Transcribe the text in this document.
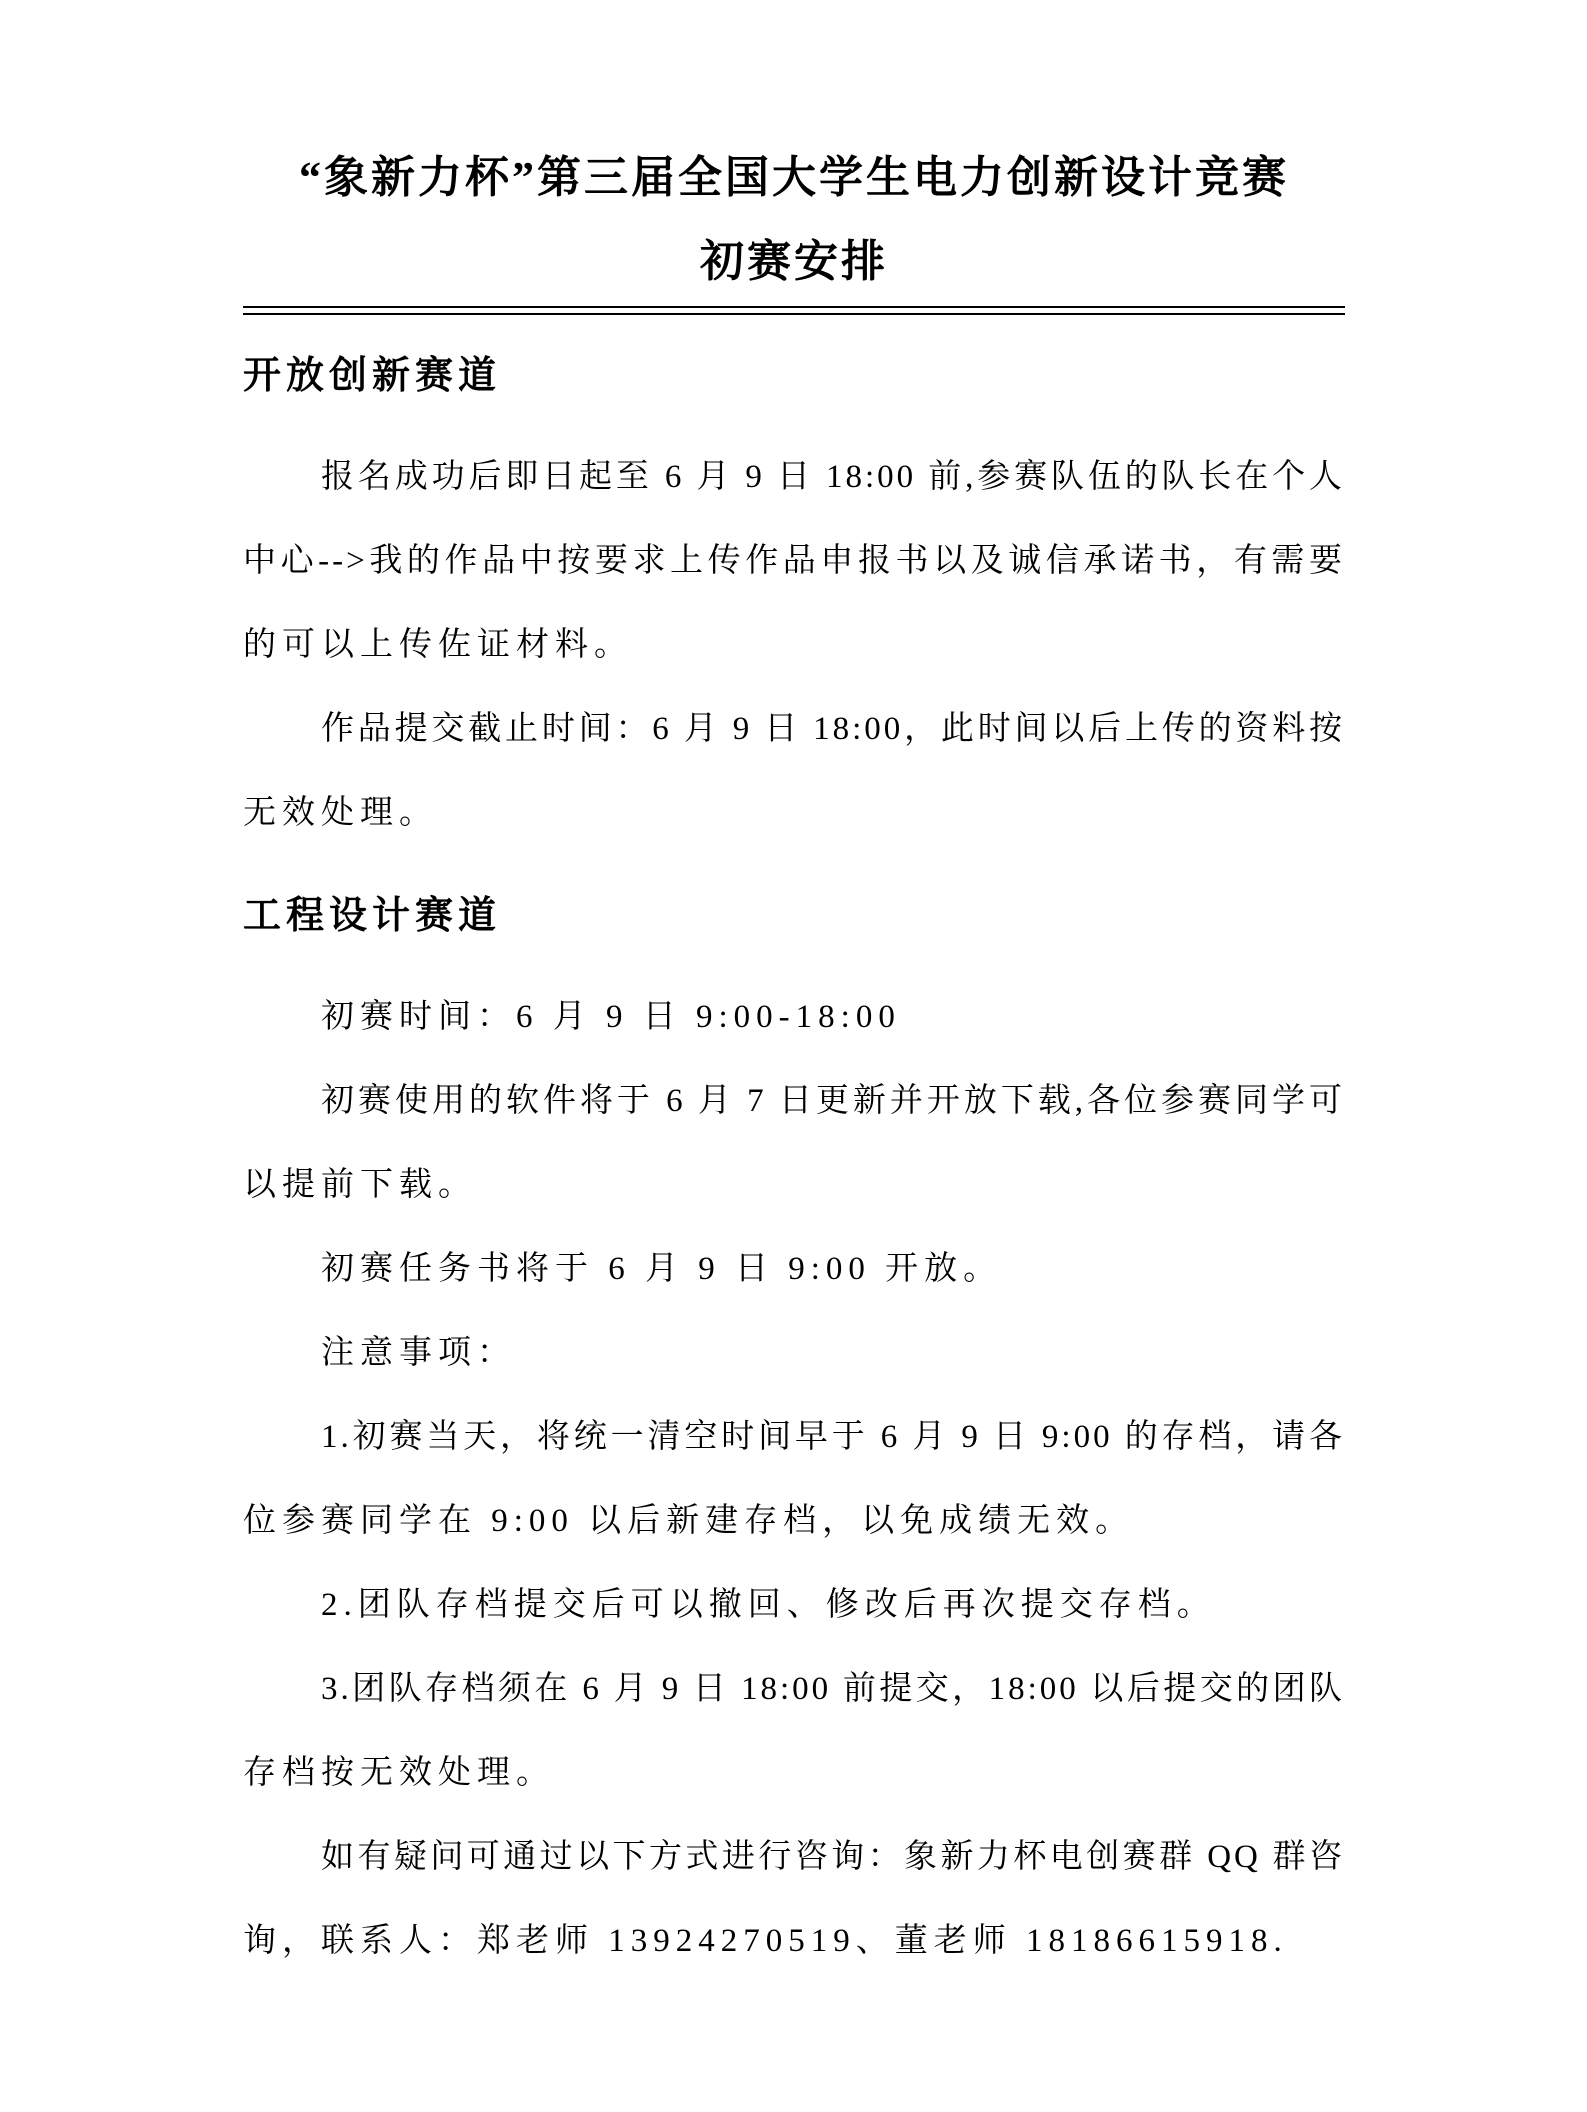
“象新力杯”第三届全国大学生电力创新设计竞赛
初赛安排
开放创新赛道
报名成功后即日起至 6 月 9 日 18:00 前,参赛队伍的队长在个人
中心-->我的作品中按要求上传作品申报书以及诚信承诺书，有需要
的可以上传佐证材料。
作品提交截止时间：6 月 9 日 18:00，此时间以后上传的资料按
无效处理。
工程设计赛道
初赛时间：6 月 9 日 9:00-18:00
初赛使用的软件将于 6 月 7 日更新并开放下载,各位参赛同学可
以提前下载。
初赛任务书将于 6 月 9 日 9:00 开放。
注意事项：
1.初赛当天，将统一清空时间早于 6 月 9 日 9:00 的存档，请各
位参赛同学在 9:00 以后新建存档，以免成绩无效。
2.团队存档提交后可以撤回、修改后再次提交存档。
3.团队存档须在 6 月 9 日 18:00 前提交，18:00 以后提交的团队
存档按无效处理。
如有疑问可通过以下方式进行咨询：象新力杯电创赛群 QQ 群咨
询，联系人：郑老师 13924270519、董老师 18186615918.
